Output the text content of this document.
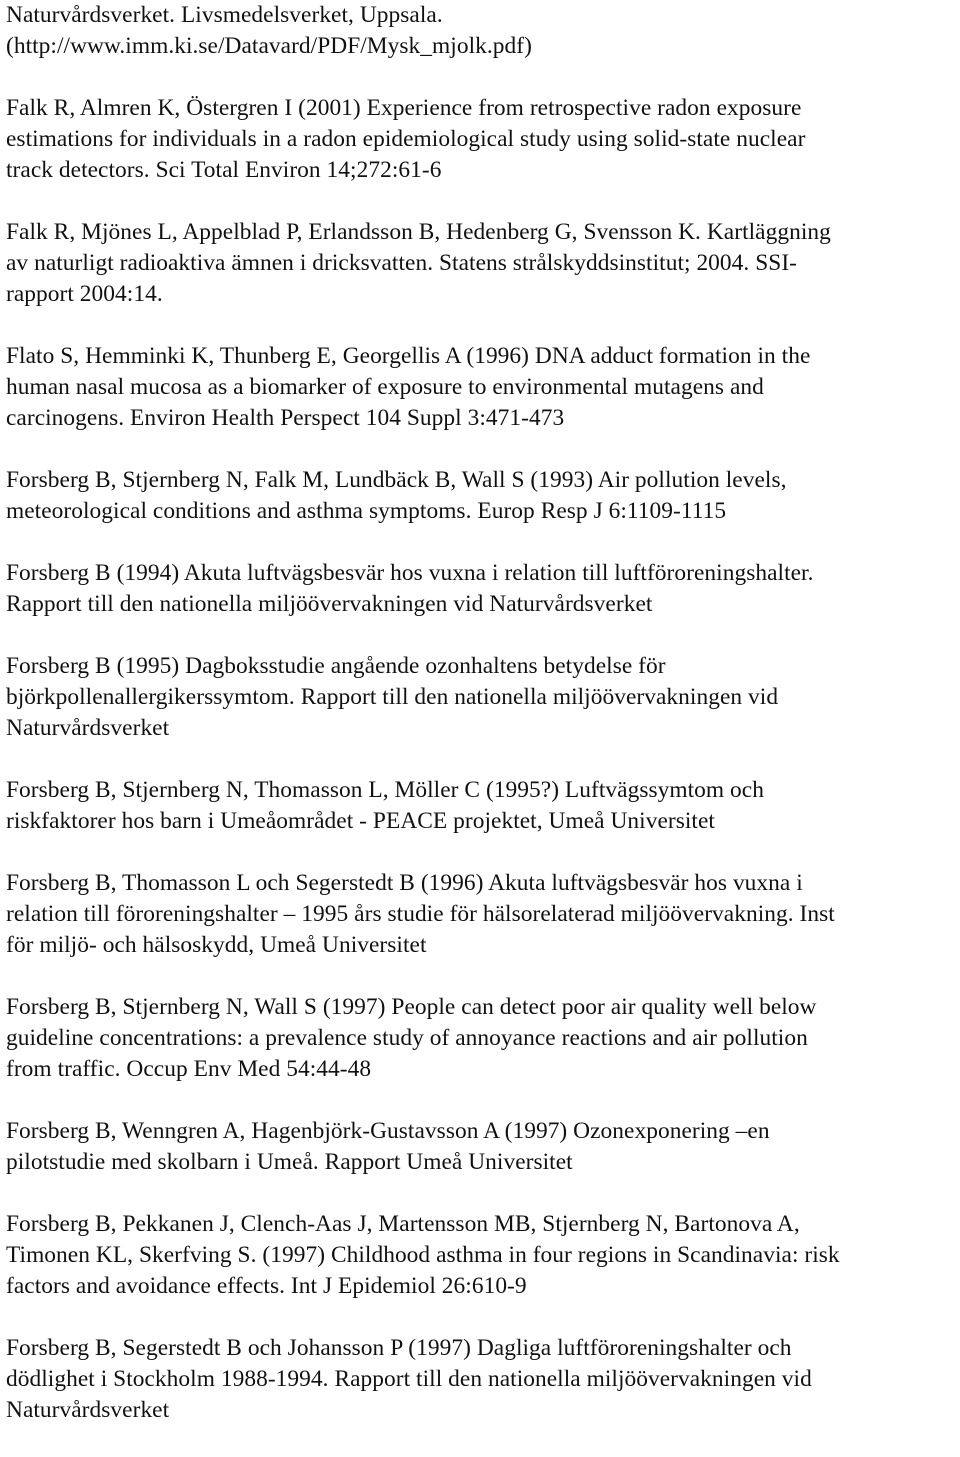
Naturvårdsverket. Livsmedelsverket, Uppsala.
(http://www.imm.ki.se/Datavard/PDF/Mysk_mjolk.pdf)

Falk R, Almren K, Östergren I (2001) Experience from retrospective radon exposure
estimations for individuals in a radon epidemiological study using solid-state nuclear
track detectors. Sci Total Environ 14;272:61-6

Falk R, Mjönes L, Appelblad P, Erlandsson B, Hedenberg G, Svensson K. Kartläggning
av naturligt radioaktiva ämnen i dricksvatten. Statens strålskyddsinstitut; 2004. SSI-
rapport 2004:14.

Flato S, Hemminki K, Thunberg E, Georgellis A (1996) DNA adduct formation in the
human nasal mucosa as a biomarker of exposure to environmental mutagens and
carcinogens. Environ Health Perspect 104 Suppl 3:471-473

Forsberg B, Stjernberg N, Falk M, Lundbäck B, Wall S (1993) Air pollution levels,
meteorological conditions and asthma symptoms. Europ Resp J 6:1109-1115

Forsberg B (1994) Akuta luftvägsbesvär hos vuxna i relation till luftföroreningshalter.
Rapport till den nationella miljöövervakningen vid Naturvårdsverket

Forsberg B (1995) Dagboksstudie angående ozonhaltens betydelse för
björkpollenallergikerssymtom. Rapport till den nationella miljöövervakningen vid
Naturvårdsverket

Forsberg B, Stjernberg N, Thomasson L, Möller C (1995?) Luftvägssymtom och
riskfaktorer hos barn i Umeåområdet - PEACE projektet, Umeå Universitet

Forsberg B, Thomasson L och Segerstedt B (1996) Akuta luftvägsbesvär hos vuxna i
relation till föroreningshalter – 1995 års studie för hälsorelaterad miljöövervakning. Inst
för miljö- och hälsoskydd, Umeå Universitet

Forsberg B, Stjernberg N, Wall S (1997) People can detect poor air quality well below
guideline concentrations: a prevalence study of annoyance reactions and air pollution
from traffic. Occup Env Med 54:44-48

Forsberg B, Wenngren A, Hagenbjörk-Gustavsson A (1997) Ozonexponering –en
pilotstudie med skolbarn i Umeå. Rapport Umeå Universitet

Forsberg B, Pekkanen J, Clench-Aas J, Martensson MB, Stjernberg N, Bartonova A,
Timonen KL, Skerfving S. (1997) Childhood asthma in four regions in Scandinavia: risk
factors and avoidance effects. Int J Epidemiol 26:610-9

Forsberg B, Segerstedt B och Johansson P (1997) Dagliga luftföroreningshalter och
dödlighet i Stockholm 1988-1994. Rapport till den nationella miljöövervakningen vid
Naturvårdsverket
